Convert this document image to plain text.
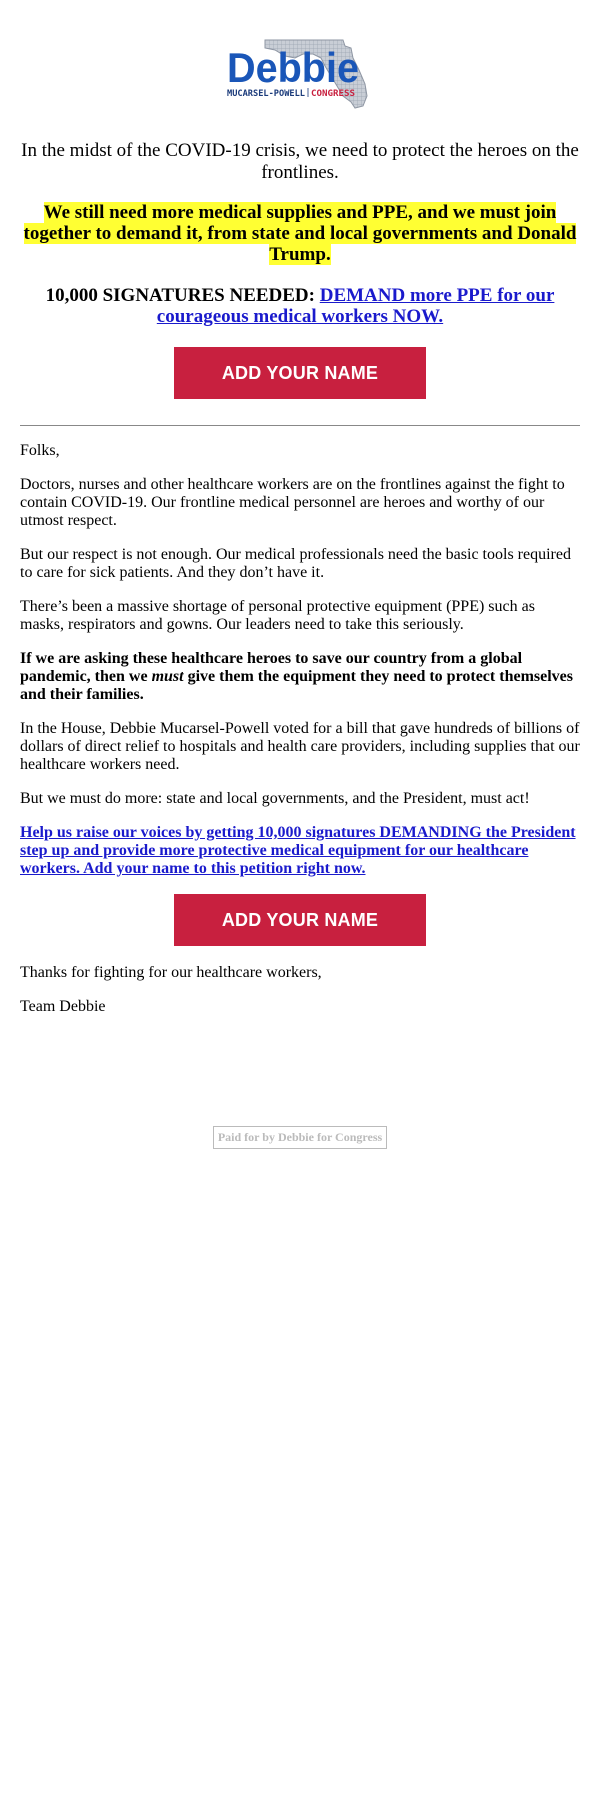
Debbie
MUCARSEL-POWELL CONGRESS

In the midst of the COVID-19 crisis, we need to protect the heroes on the frontlines.

We still need more medical supplies and PPE, and we must join together to demand it, from state and local governments and Donald Trump.

10,000 SIGNATURES NEEDED: DEMAND more PPE for our courageous medical workers NOW.

ADD YOUR NAME

Folks,

Doctors, nurses and other healthcare workers are on the frontlines against the fight to contain COVID-19. Our frontline medical personnel are heroes and worthy of our utmost respect.

But our respect is not enough. Our medical professionals need the basic tools required to care for sick patients. And they don’t have it.

There’s been a massive shortage of personal protective equipment (PPE) such as masks, respirators and gowns. Our leaders need to take this seriously.

If we are asking these healthcare heroes to save our country from a global pandemic, then we must give them the equipment they need to protect themselves and their families.

In the House, Debbie Mucarsel-Powell voted for a bill that gave hundreds of billions of dollars of direct relief to hospitals and health care providers, including supplies that our healthcare workers need.

But we must do more: state and local governments, and the President, must act!

Help us raise our voices by getting 10,000 signatures DEMANDING the President step up and provide more protective medical equipment for our healthcare workers. Add your name to this petition right now.

ADD YOUR NAME

Thanks for fighting for our healthcare workers,

Team Debbie

Paid for by Debbie for Congress
